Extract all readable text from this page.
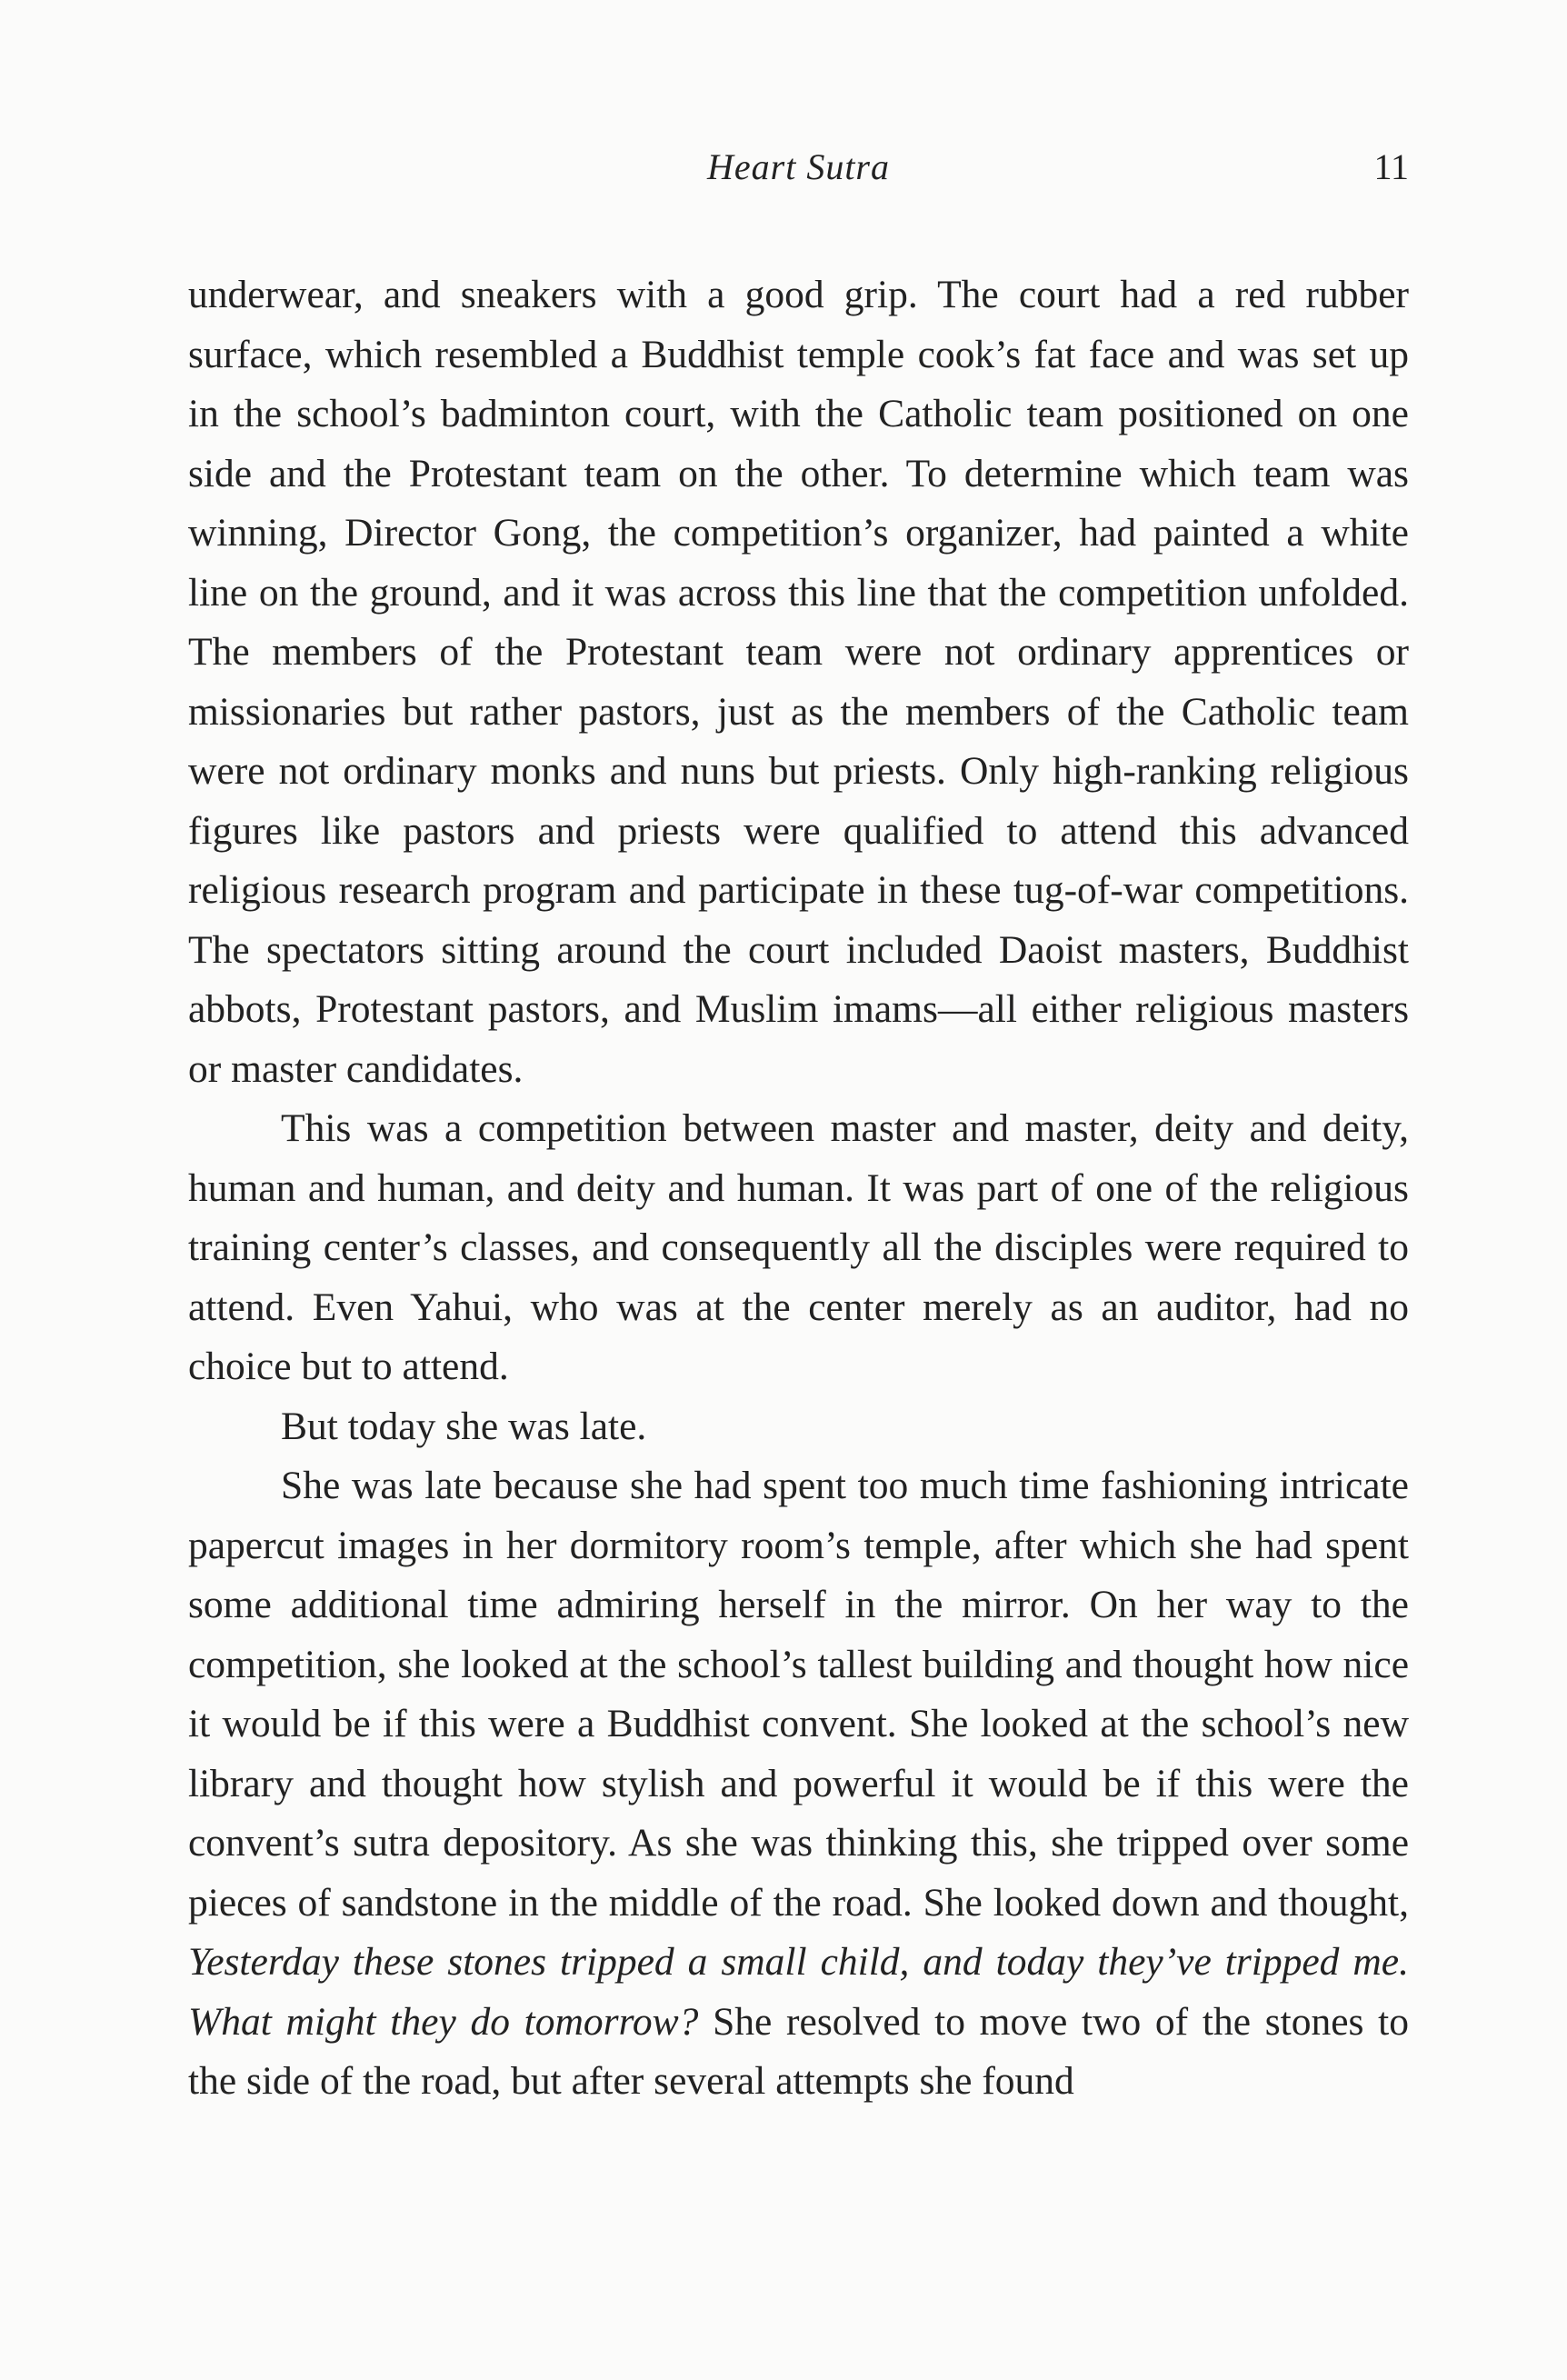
Heart Sutra	11

underwear, and sneakers with a good grip. The court had a red rubber surface, which resembled a Buddhist temple cook’s fat face and was set up in the school’s badminton court, with the Catholic team positioned on one side and the Protestant team on the other. To determine which team was winning, Director Gong, the competition’s organizer, had painted a white line on the ground, and it was across this line that the competition unfolded. The members of the Protestant team were not ordinary apprentices or missionaries but rather pastors, just as the members of the Catholic team were not ordinary monks and nuns but priests. Only high-ranking religious figures like pastors and priests were qualified to attend this advanced religious research program and participate in these tug-of-war competitions. The spectators sitting around the court included Daoist masters, Buddhist abbots, Protestant pastors, and Muslim imams—all either religious masters or master candidates.

This was a competition between master and master, deity and deity, human and human, and deity and human. It was part of one of the religious training center’s classes, and consequently all the disciples were required to attend. Even Yahui, who was at the center merely as an auditor, had no choice but to attend.

But today she was late.

She was late because she had spent too much time fashioning intricate papercut images in her dormitory room’s temple, after which she had spent some additional time admiring herself in the mirror. On her way to the competition, she looked at the school’s tallest building and thought how nice it would be if this were a Buddhist convent. She looked at the school’s new library and thought how stylish and powerful it would be if this were the convent’s sutra depository. As she was thinking this, she tripped over some pieces of sandstone in the middle of the road. She looked down and thought, Yesterday these stones tripped a small child, and today they’ve tripped me. What might they do tomorrow? She resolved to move two of the stones to the side of the road, but after several attempts she found
